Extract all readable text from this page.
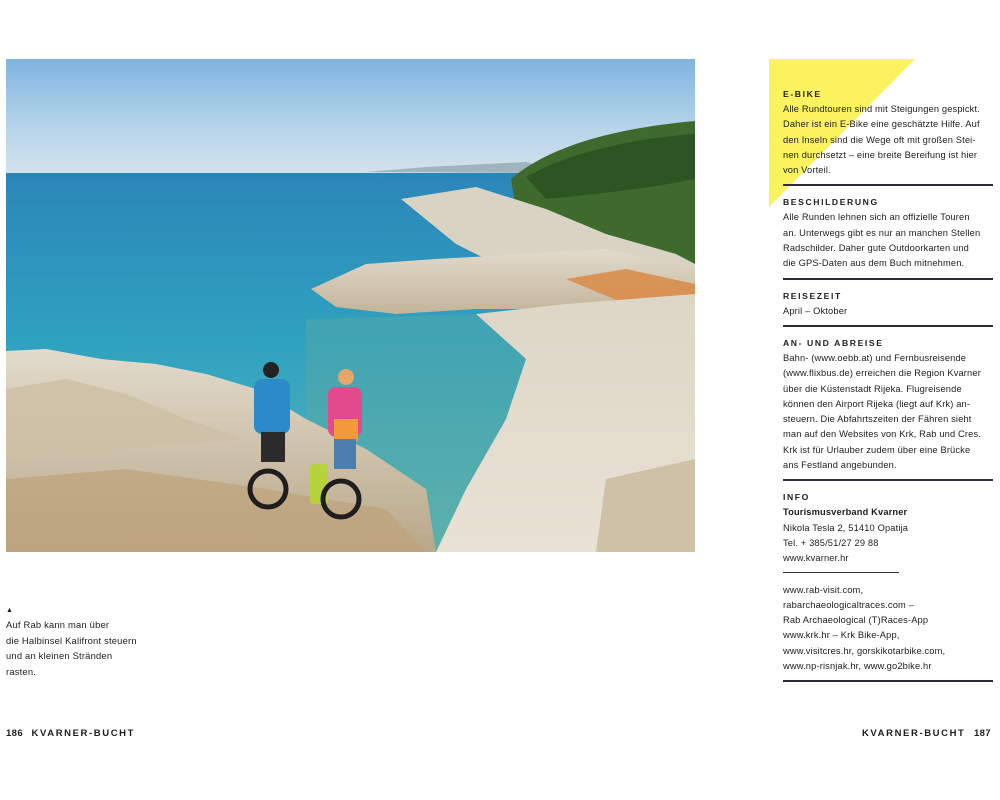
▲
Auf Rab kann man über
die Halbinsel Kalifront steuern
und an kleinen Stränden
rasten.
186 KVARNER-BUCHT	KVARNER-BUCHT 187
E-BIKE

Alle Rundtouren sind mit Steigungen gespickt.
Daher ist ein E-Bike eine geschätzte Hilfe. Auf
den Inseln sind die Wege oft mit großen Stei-
nen durchsetzt – eine breite Bereifung ist hier
von Vorteil.

BESCHILDERUNG

Alle Runden lehnen sich an offizielle Touren
an. Unterwegs gibt es nur an manchen Stellen
Radschilder. Daher gute Outdoorkarten und
die GPS-Daten aus dem Buch mitnehmen.

REISEZEIT

April – Oktober

AN- UND ABREISE

Bahn- (www.oebb.at) und Fernbusreisende
(www.flixbus.de) erreichen die Region Kvarner
über die Küstenstadt Rijeka. Flugreisende
können den Airport Rijeka (liegt auf Krk) an-
steuern. Die Abfahrtszeiten der Fähren sieht
man auf den Websites von Krk, Rab und Cres.
Krk ist für Urlauber zudem über eine Brücke
ans Festland angebunden.

INFO

Tourismusverband Kvarner

Nikola Tesla 2, 51410 Opatija

Tel. + 385/51/27 29 88

www.kvarner.hr

www.rab-visit.com,
rabarchaeologicaltraces.com –
Rab Archaeological (T)Races-App
www.krk.hr – Krk Bike-App,
www.visitcres.hr, gorskikotarbike.com,
www.np-risnjak.hr, www.go2bike.hr
